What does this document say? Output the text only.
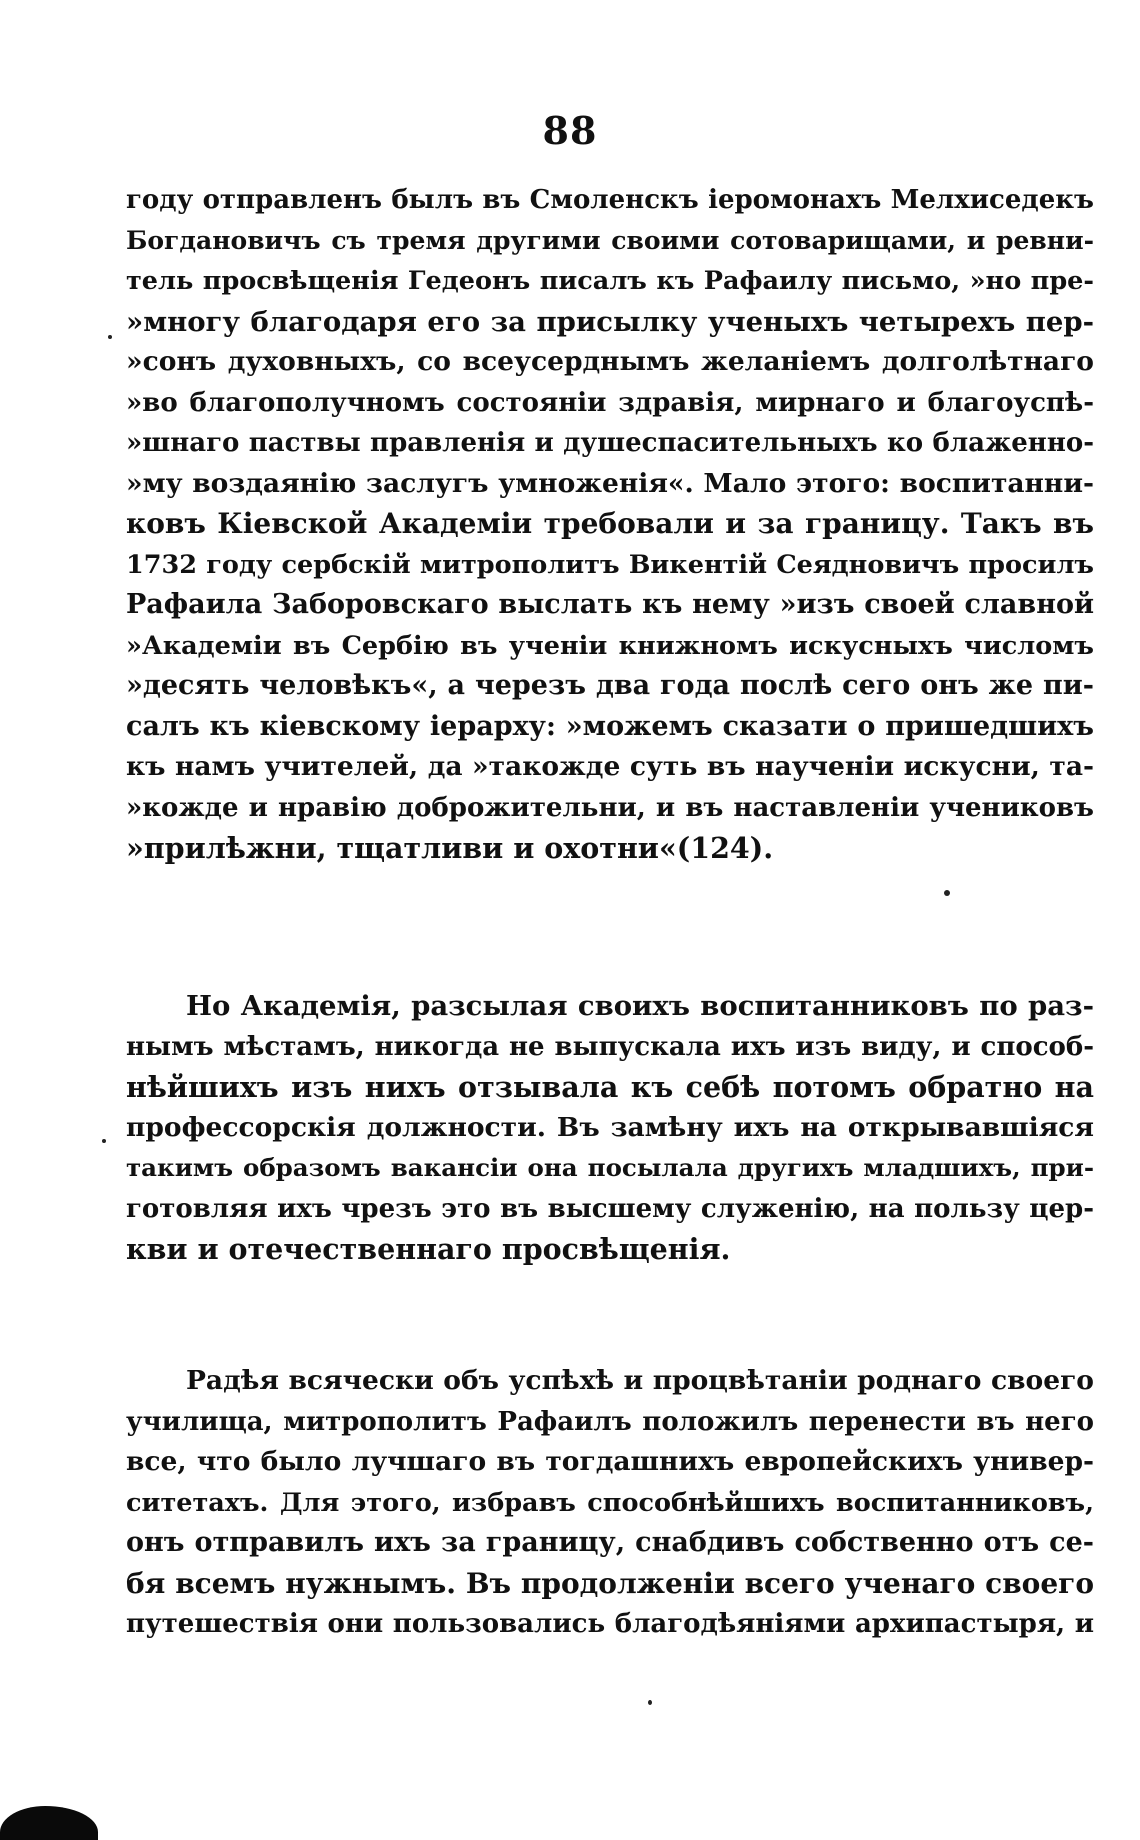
88
году отправленъ былъ въ Смоленскъ іеромонахъ Мелхиседекъ
Богдановичъ съ тремя другими своими сотоварищами, и ревни-
тель просвѣщенія Гедеонъ писалъ къ Рафаилу письмо, »но пре-
»многу благодаря его за присылку ученыхъ четырехъ пер-
»сонъ духовныхъ, со всеусерднымъ желаніемъ долголѣтнаго
»во благополучномъ состояніи здравія, мирнаго и благоуспѣ-
»шнаго паствы правленія и душеспасительныхъ ко блаженно-
»му воздаянію заслугъ умноженія«. Мало этого: воспитанни-
ковъ Кіевской Академіи требовали и за границу. Такъ въ
1732 году сербскій митрополитъ Викентій Сеядновичъ просилъ
Рафаила Заборовскаго выслать къ нему »изъ своей славной
»Академіи въ Сербію въ ученіи книжномъ искусныхъ числомъ
»десять человѣкъ«, а черезъ два года послѣ сего онъ же пи-
салъ къ кіевскому іерарху: »можемъ сказати о пришедшихъ
къ намъ учителей, да »такожде суть въ наученіи искусни, та-
»кожде и нравію доброжительни, и въ наставленіи учениковъ
»прилѣжни, тщатливи и охотни«(124).
Но Академія, разсылая своихъ воспитанниковъ по раз-
нымъ мѣстамъ, никогда не выпускала ихъ изъ виду, и способ-
нѣйшихъ изъ нихъ отзывала къ себѣ потомъ обратно на
профессорскія должности. Въ замѣну ихъ на открывавшіяся
такимъ образомъ вакансіи она посылала другихъ младшихъ, при-
готовляя ихъ чрезъ это въ высшему служенію, на пользу цер-
кви и отечественнаго просвѣщенія.
Радѣя всячески объ успѣхѣ и процвѣтаніи роднаго своего
училища, митрополитъ Рафаилъ положилъ перенести въ него
все, что было лучшаго въ тогдашнихъ европейскихъ универ-
ситетахъ. Для этого, избравъ способнѣйшихъ воспитанниковъ,
онъ отправилъ ихъ за границу, снабдивъ собственно отъ се-
бя всемъ нужнымъ. Въ продолженіи всего ученаго своего
путешествія они пользовались благодѣяніями архипастыря, и
